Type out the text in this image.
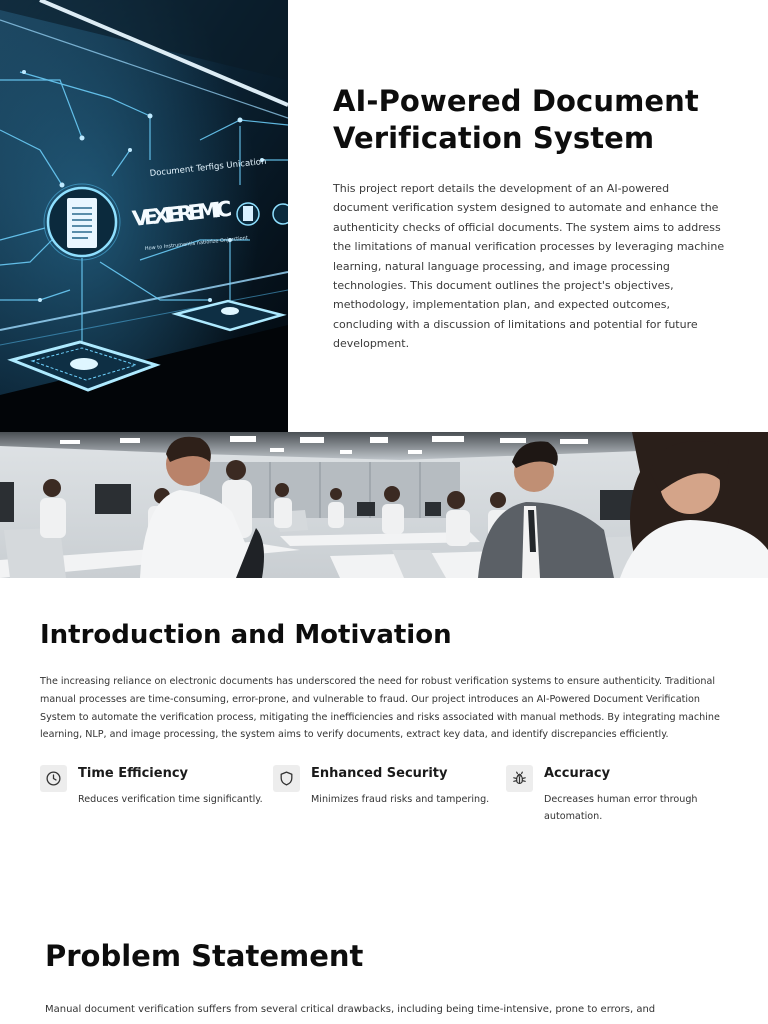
Document Terfigs Unication
VEXIEREMIC
How to Instrumentis natiorlze Onjprctiont
AI-Powered Document Verification System

This project report details the development of an AI-powered document verification system designed to automate and enhance the authenticity checks of official documents. The system aims to address the limitations of manual verification processes by leveraging machine learning, natural language processing, and image processing technologies. This document outlines the project's objectives, methodology, implementation plan, and expected outcomes, concluding with a discussion of limitations and potential for future development.

Introduction and Motivation

The increasing reliance on electronic documents has underscored the need for robust verification systems to ensure authenticity. Traditional manual processes are time-consuming, error-prone, and vulnerable to fraud. Our project introduces an AI-Powered Document Verification System to automate the verification process, mitigating the inefficiencies and risks associated with manual methods. By integrating machine learning, NLP, and image processing, the system aims to verify documents, extract key data, and identify discrepancies efficiently.

Time Efficiency
Reduces verification time significantly.
Enhanced Security
Minimizes fraud risks and tampering.
Accuracy
Decreases human error through automation.
Problem Statement

Manual document verification suffers from several critical drawbacks, including being time-intensive, prone to errors, and
